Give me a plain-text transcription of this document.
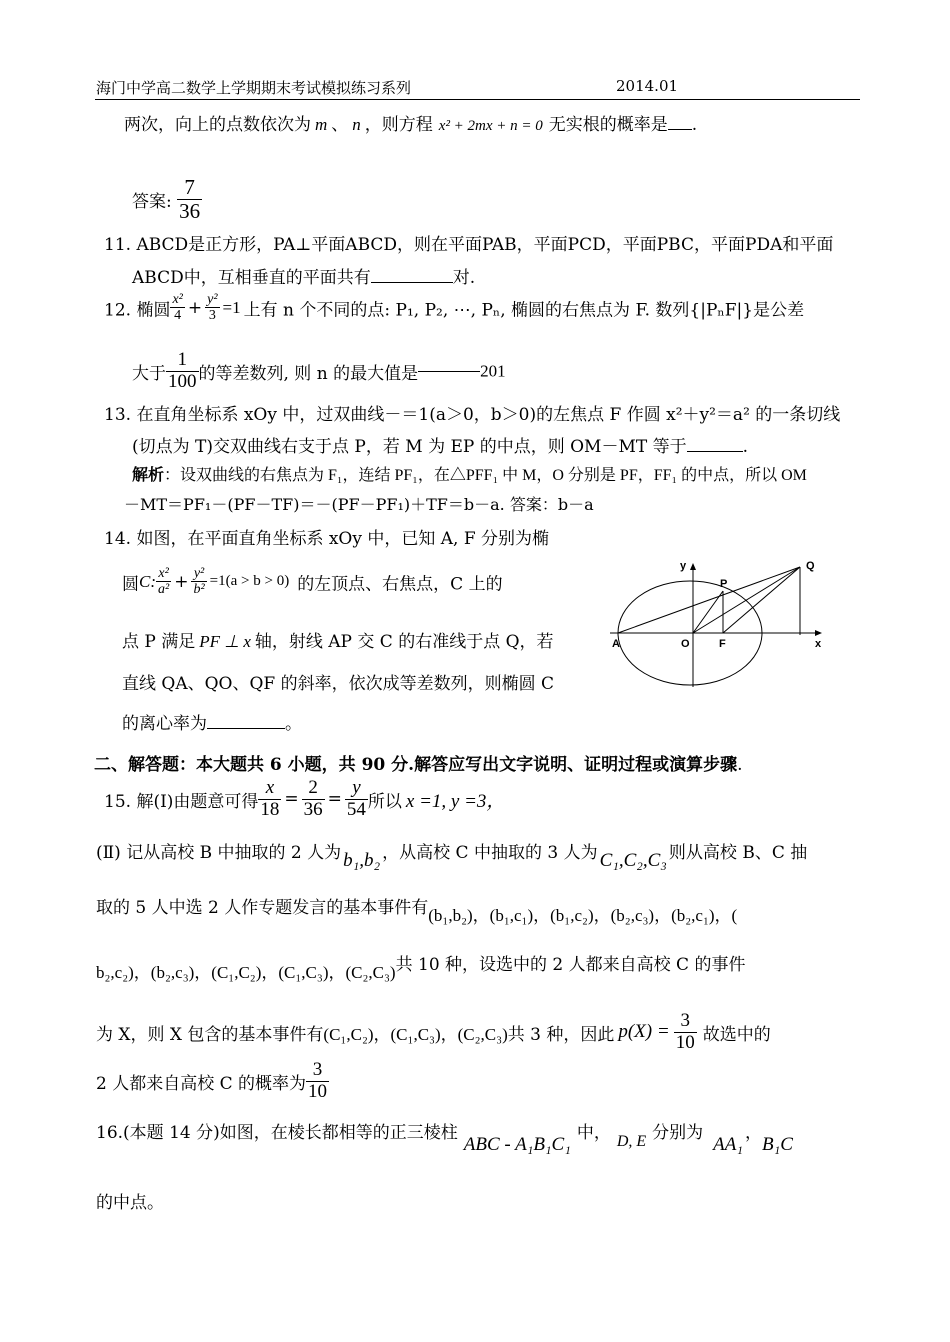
海门中学高二数学上学期期末考试模拟练习系列	2014.01
两次，向上的点数依次为 m 、 n ，则方程 x² + 2mx + n = 0 无实根的概率是 .
答案: $\frac{7}{36}$
11. ABCD是正方形，PA⊥平面ABCD，则在平面PAB，平面PCD，平面PBC，平面PDA和平面
ABCD中，互相垂直的平面共有	对.
12. 椭圆 $\frac{\text{x²}}{4} + \frac{\text{y²}}{3} =1$ 上有 n 个不同的点: P₁, P₂, ⋯, Pₙ, 椭圆的右焦点为 F. 数列{|PₙF|}是公差
大于 $\frac{1}{100}$ 的等差数列, 则 n 的最大值是	201
13. 在直角坐标系 xOy 中，过双曲线－＝1(a＞0，b＞0)的左焦点 F 作圆 x²＋y²＝a² 的一条切线
(切点为 T)交双曲线右支于点 P，若 M 为 EP 的中点，则 OM－MT 等于	.
解析：设双曲线的右焦点为 F₁，连结 PF₁，在△PFF₁ 中 M，O 分别是 PF，FF₁ 的中点，所以 OM
－MT＝PF₁－(PF－TF)＝－(PF－PF₁)＋TF＝b－a. 答案：b－a
14. 如图，在平面直角坐标系 xOy 中，已知 A, F 分别为椭
圆C: $\frac{\text{x²}}{\text{a²}} + \frac{\text{y²}}{\text{b²}} =1(a > b > 0)$ 的左顶点、右焦点，C 上的
点 P 满足 PF ⊥ x 轴，射线 AP 交 C 的右准线于点 Q，若
直线 QA、QO、QF 的斜率，依次成等差数列，则椭圆 C
的离心率为	。
y
x
Q
P
A	O	F
二、解答题：本大题共 6 小题，共 90 分.解答应写出文字说明、证明过程或演算步骤.
15. 解(Ⅰ)由题意可得 $\frac{x}{18} = \frac{2}{36} = \frac{y}{54}$ 所以 x =1, y =3，
(Ⅱ) 记从高校 B 中抽取的 2 人为 b₁,b₂ ，从高校 C 中抽取的 3 人为 C₁,C₂,C₃ 则从高校 B、C 抽
取的 5 人中选 2 人作专题发言的基本事件有(b₁,b₂)，(b₁,c₁)，(b₁,c₂)，(b₂,c₃)，(b₂,c₁)，(
b₂,c₂)，(b₂,c₃)，(C₁,C₂)，(C₁,C₃)，(C₂,C₃)共 10 种，设选中的 2 人都来自高校 C 的事件
为 X，则 X 包含的基本事件有(C₁,C₂)，(C₁,C₃)，(C₂,C₃)共 3 种，因此 $p(X) = \frac{3}{10}$ 故选中的
2 人都来自高校 C 的概率为 $\frac{3}{10}$
16.(本题 14 分)如图，在棱长都相等的正三棱柱ABC - A₁B₁C₁中， D, E 分别为AA₁，B₁C
的中点。
